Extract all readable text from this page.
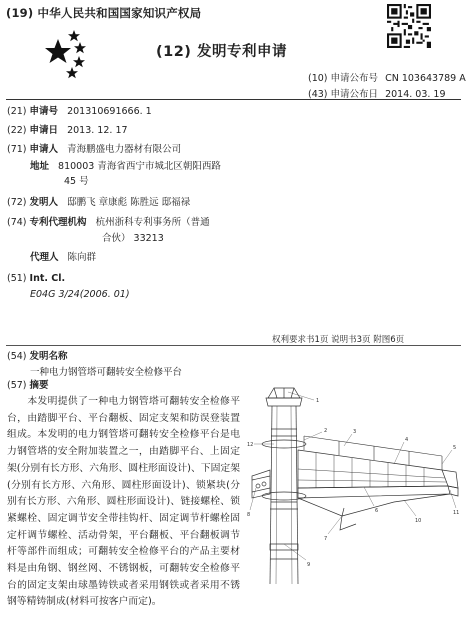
(19) 中华人民共和国国家知识产权局
(12) 发明专利申请
(10) 申请公布号 CN 103643789 A
(43) 申请公布日 2014. 03. 19
(21) 申请号 201310691666. 1
(22) 申请日 2013. 12. 17
(71) 申请人 青海鹏盛电力器材有限公司
地址 810003 青海省西宁市城北区朝阳西路
45 号
(72) 发明人 邸鹏飞 章康彪 陈胜远 邸福禄
(74) 专利代理机构 杭州浙科专利事务所（普通
合伙） 33213
代理人 陈向群
(51) Int. Cl.
E04G 3/24(2006. 01)
权利要求书1页 说明书3页 附图6页
(54) 发明名称
一种电力钢管塔可翻转安全检修平台
(57) 摘要
本发明提供了一种电力钢管塔可翻转安全检修平台，由踏脚平台、平台翻板、固定支架和防误登装置组成。本发明的电力钢管塔可翻转安全检修平台是电力钢管塔的安全附加装置之一，由踏脚平台、上固定架(分别有长方形、六角形、圆柱形面设计)、下固定架(分别有长方形、六角形、圆柱形面设计)、锁紧块(分别有长方形、六角形、圆柱形面设计)、链接螺栓、锁紧螺栓、固定调节安全带挂钩杆、固定调节杆螺栓固定杆调节螺栓、活动骨架，平台翻板、平台翻板调节杆等部件而组成；可翻转安全检修平台的产品主要材料是由角钢、钢丝网、不锈钢板，可翻转安全检修平台的固定支架由球墨铸铁或者采用钢铁或者采用不锈钢等精铸制成(材料可按客户而定)。
1
2	3
4
5
6
7
8
9
10
11
12
